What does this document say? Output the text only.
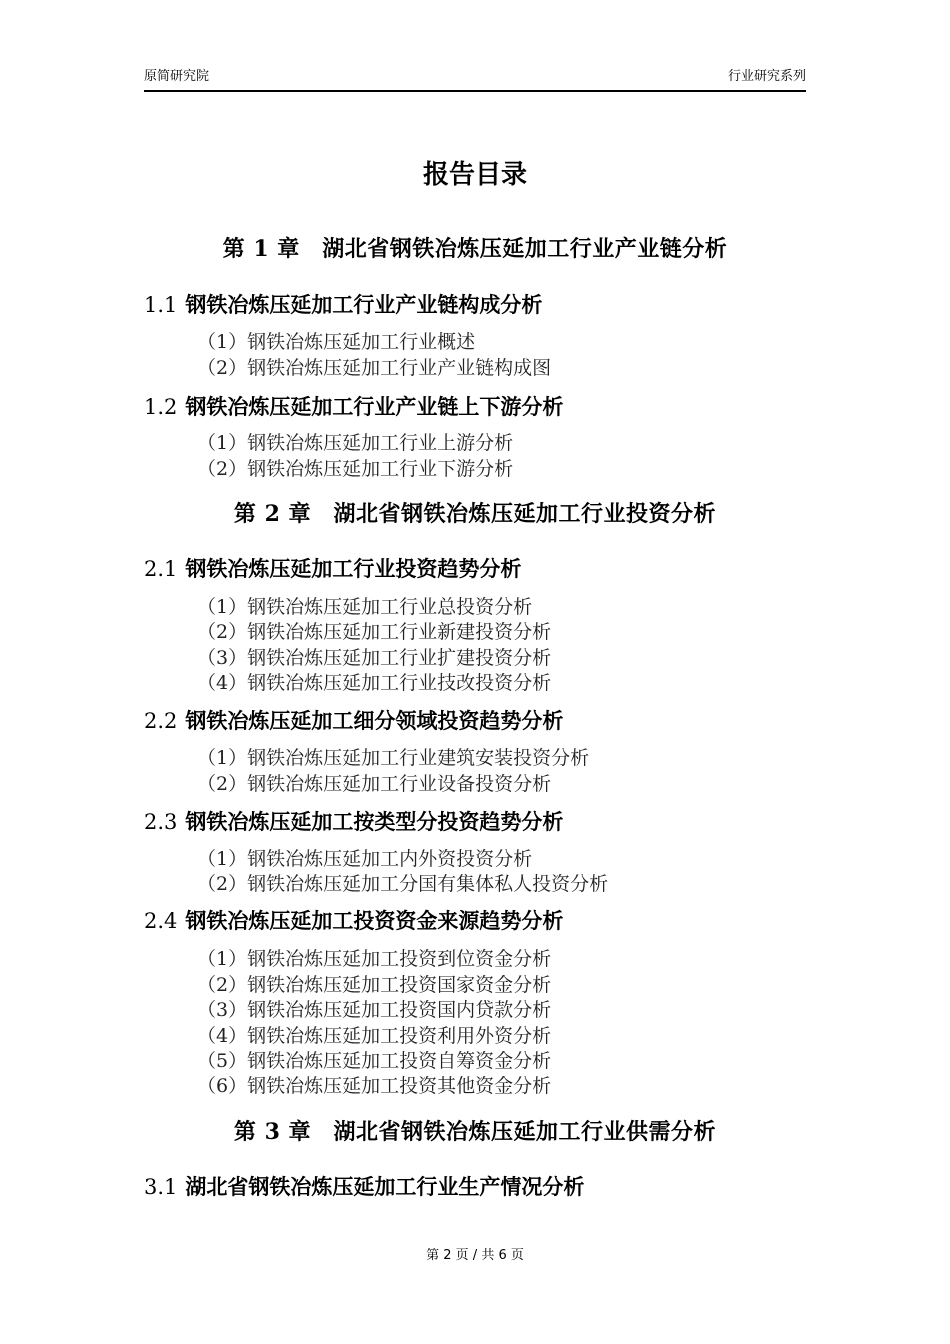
原简研究院	行业研究系列
报告目录
第 1 章　湖北省钢铁冶炼压延加工行业产业链分析
1.1 钢铁冶炼压延加工行业产业链构成分析
（1）钢铁冶炼压延加工行业概述
（2）钢铁冶炼压延加工行业产业链构成图
1.2 钢铁冶炼压延加工行业产业链上下游分析
（1）钢铁冶炼压延加工行业上游分析
（2）钢铁冶炼压延加工行业下游分析
第 2 章　湖北省钢铁冶炼压延加工行业投资分析
2.1 钢铁冶炼压延加工行业投资趋势分析
（1）钢铁冶炼压延加工行业总投资分析
（2）钢铁冶炼压延加工行业新建投资分析
（3）钢铁冶炼压延加工行业扩建投资分析
（4）钢铁冶炼压延加工行业技改投资分析
2.2 钢铁冶炼压延加工细分领域投资趋势分析
（1）钢铁冶炼压延加工行业建筑安装投资分析
（2）钢铁冶炼压延加工行业设备投资分析
2.3 钢铁冶炼压延加工按类型分投资趋势分析
（1）钢铁冶炼压延加工内外资投资分析
（2）钢铁冶炼压延加工分国有集体私人投资分析
2.4 钢铁冶炼压延加工投资资金来源趋势分析
（1）钢铁冶炼压延加工投资到位资金分析
（2）钢铁冶炼压延加工投资国家资金分析
（3）钢铁冶炼压延加工投资国内贷款分析
（4）钢铁冶炼压延加工投资利用外资分析
（5）钢铁冶炼压延加工投资自筹资金分析
（6）钢铁冶炼压延加工投资其他资金分析
第 3 章　湖北省钢铁冶炼压延加工行业供需分析
3.1 湖北省钢铁冶炼压延加工行业生产情况分析
第 2 页 / 共 6 页
